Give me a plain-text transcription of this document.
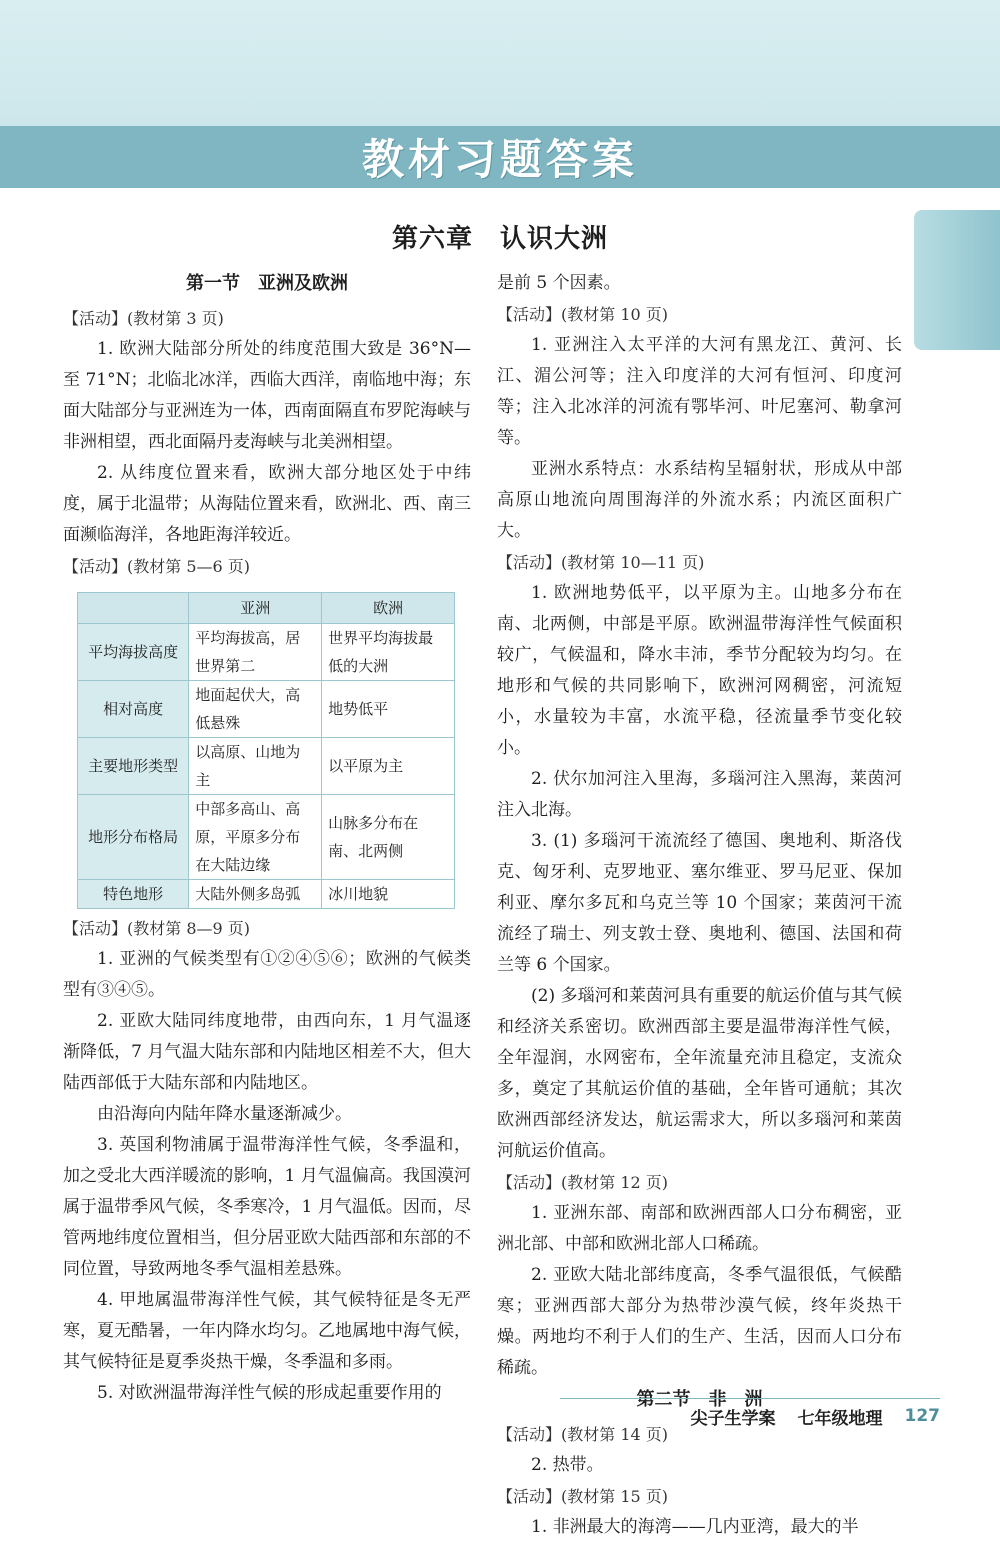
教材习题答案
第六章　认识大洲
第一节　亚洲及欧洲

【活动】(教材第 3 页)

1. 欧洲大陆部分所处的纬度范围大致是 36°N—至 71°N；北临北冰洋，西临大西洋，南临地中海；东面大陆部分与亚洲连为一体，西南面隔直布罗陀海峡与非洲相望，西北面隔丹麦海峡与北美洲相望。

2. 从纬度位置来看，欧洲大部分地区处于中纬度，属于北温带；从海陆位置来看，欧洲北、西、南三面濒临海洋，各地距海洋较近。

【活动】(教材第 5—6 页)

	亚洲	欧洲
平均海拔高度	平均海拔高，居世界第二	世界平均海拔最低的大洲
相对高度	地面起伏大，高低悬殊	地势低平
主要地形类型	以高原、山地为主	以平原为主
地形分布格局	中部多高山、高原，平原多分布在大陆边缘	山脉多分布在南、北两侧
特色地形	大陆外侧多岛弧	冰川地貌

【活动】(教材第 8—9 页)

1. 亚洲的气候类型有①②④⑤⑥；欧洲的气候类型有③④⑤。

2. 亚欧大陆同纬度地带，由西向东，1 月气温逐渐降低，7 月气温大陆东部和内陆地区相差不大，但大陆西部低于大陆东部和内陆地区。

由沿海向内陆年降水量逐渐减少。

3. 英国利物浦属于温带海洋性气候，冬季温和，加之受北大西洋暖流的影响，1 月气温偏高。我国漠河属于温带季风气候，冬季寒冷，1 月气温低。因而，尽管两地纬度位置相当，但分居亚欧大陆西部和东部的不同位置，导致两地冬季气温相差悬殊。

4. 甲地属温带海洋性气候，其气候特征是冬无严寒，夏无酷暑，一年内降水均匀。乙地属地中海气候，其气候特征是夏季炎热干燥，冬季温和多雨。

5. 对欧洲温带海洋性气候的形成起重要作用的

是前 5 个因素。

【活动】(教材第 10 页)

1. 亚洲注入太平洋的大河有黑龙江、黄河、长江、湄公河等；注入印度洋的大河有恒河、印度河等；注入北冰洋的河流有鄂毕河、叶尼塞河、勒拿河等。

亚洲水系特点：水系结构呈辐射状，形成从中部高原山地流向周围海洋的外流水系；内流区面积广大。

【活动】(教材第 10—11 页)

1. 欧洲地势低平，以平原为主。山地多分布在南、北两侧，中部是平原。欧洲温带海洋性气候面积较广，气候温和，降水丰沛，季节分配较为均匀。在地形和气候的共同影响下，欧洲河网稠密，河流短小，水量较为丰富，水流平稳，径流量季节变化较小。

2. 伏尔加河注入里海，多瑙河注入黑海，莱茵河注入北海。

3. (1) 多瑙河干流流经了德国、奥地利、斯洛伐克、匈牙利、克罗地亚、塞尔维亚、罗马尼亚、保加利亚、摩尔多瓦和乌克兰等 10 个国家；莱茵河干流流经了瑞士、列支敦士登、奥地利、德国、法国和荷兰等 6 个国家。

(2) 多瑙河和莱茵河具有重要的航运价值与其气候和经济关系密切。欧洲西部主要是温带海洋性气候，全年湿润，水网密布，全年流量充沛且稳定，支流众多，奠定了其航运价值的基础，全年皆可通航；其次欧洲西部经济发达，航运需求大，所以多瑙河和莱茵河航运价值高。

【活动】(教材第 12 页)

1. 亚洲东部、南部和欧洲西部人口分布稠密，亚洲北部、中部和欧洲北部人口稀疏。

2. 亚欧大陆北部纬度高，冬季气温很低，气候酷寒；亚洲西部大部分为热带沙漠气候，终年炎热干燥。两地均不利于人们的生产、生活，因而人口分布稀疏。

第二节　非　洲

【活动】(教材第 14 页)

2. 热带。

【活动】(教材第 15 页)

1. 非洲最大的海湾——几内亚湾，最大的半

尖子生学案 七年级地理 127
